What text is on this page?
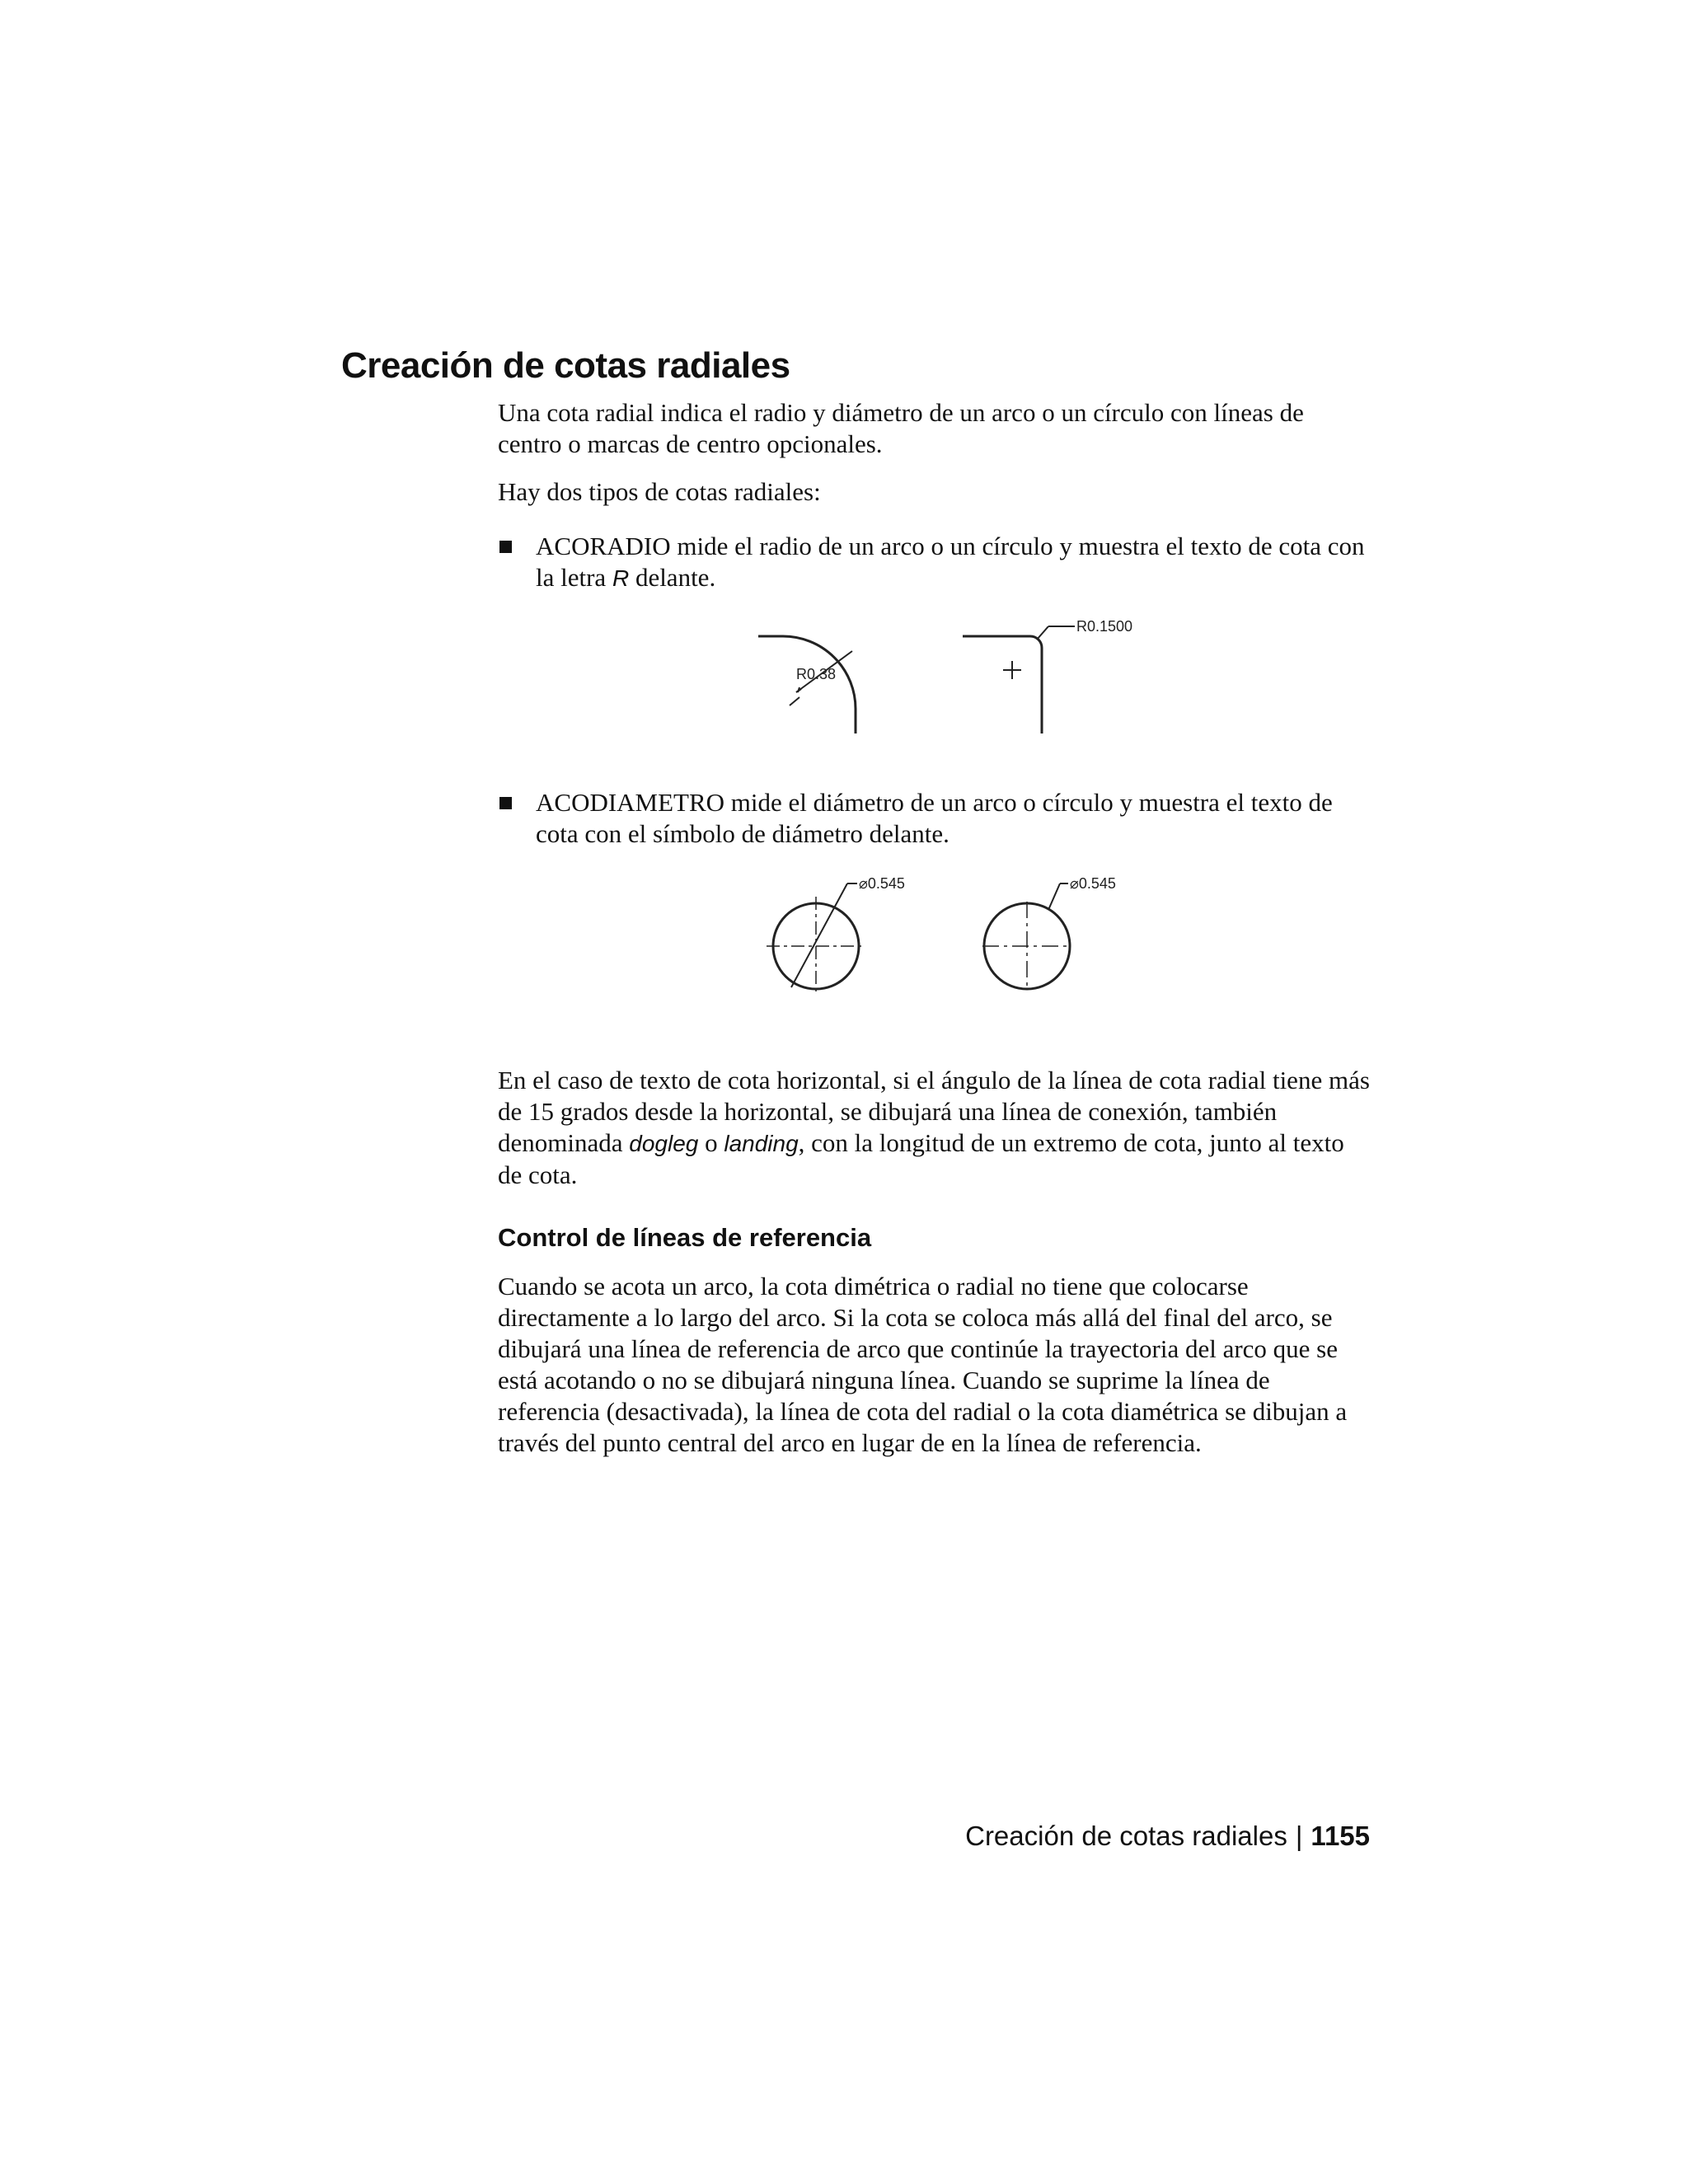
Creación de cotas radiales

Una cota radial indica el radio y diámetro de un arco o un círculo con líneas de centro o marcas de centro opcionales.

Hay dos tipos de cotas radiales:

ACORADIO mide el radio de un arco o un círculo y muestra el texto de cota con la letra R delante.
R0.38
R0.1500
ACODIAMETRO mide el diámetro de un arco o círculo y muestra el texto de cota con el símbolo de diámetro delante.
⌀0.545	⌀0.545

En el caso de texto de cota horizontal, si el ángulo de la línea de cota radial tiene más de 15 grados desde la horizontal, se dibujará una línea de conexión, también denominada dogleg o landing, con la longitud de un extremo de cota, junto al texto de cota.

Control de líneas de referencia

Cuando se acota un arco, la cota dimétrica o radial no tiene que colocarse directamente a lo largo del arco. Si la cota se coloca más allá del final del arco, se dibujará una línea de referencia de arco que continúe la trayectoria del arco que se está acotando o no se dibujará ninguna línea. Cuando se suprime la línea de referencia (desactivada), la línea de cota del radial o la cota diamétrica se dibujan a través del punto central del arco en lugar de en la línea de referencia.

Creación de cotas radiales | 1155
